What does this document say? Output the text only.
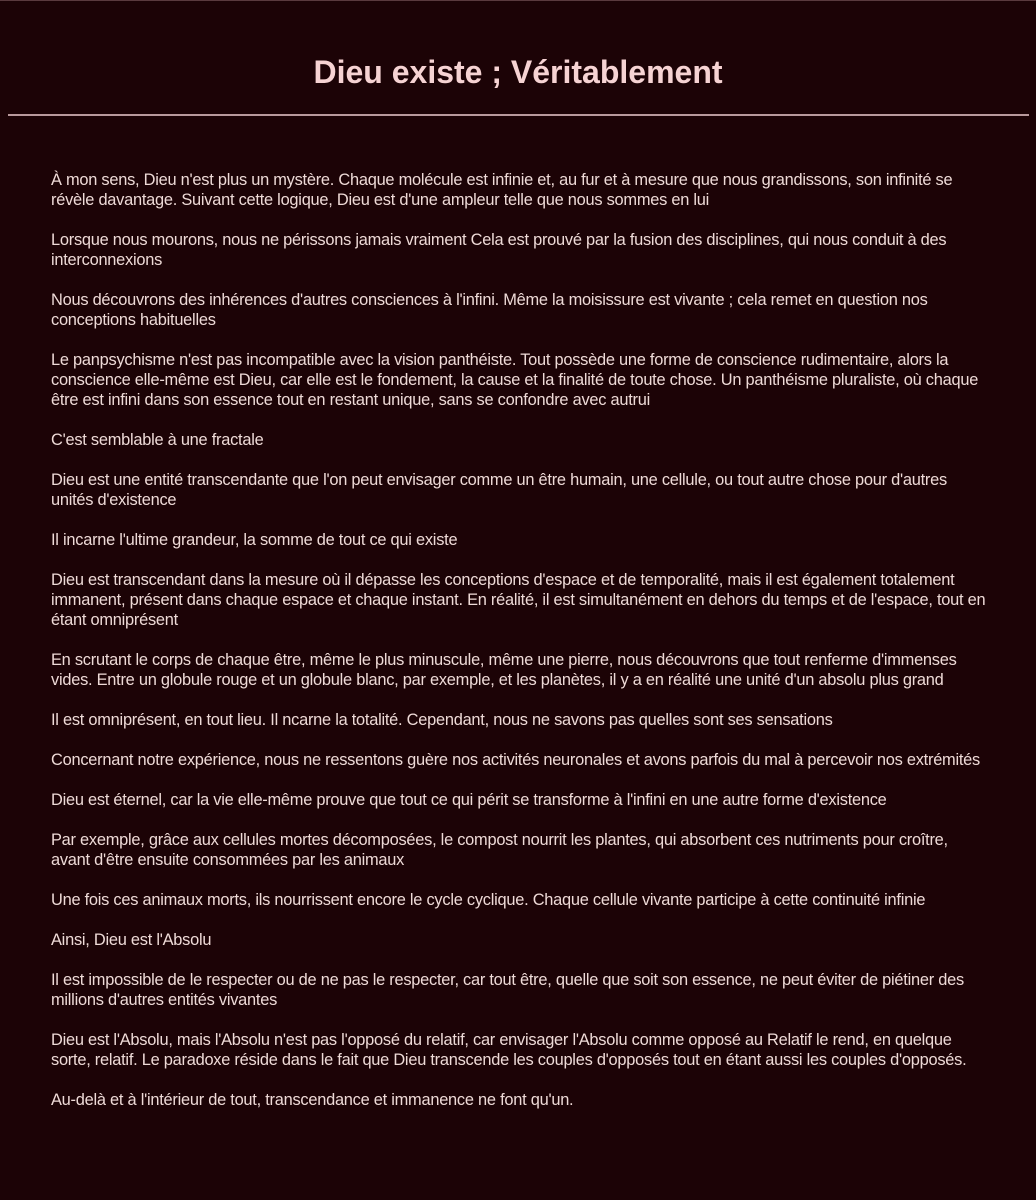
Dieu existe ; Véritablement

À mon sens, Dieu n'est plus un mystère. Chaque molécule est infinie et, au fur et à mesure que nous grandissons, son infinité se révèle davantage. Suivant cette logique, Dieu est d'une ampleur telle que nous sommes en lui

Lorsque nous mourons, nous ne périssons jamais vraiment Cela est prouvé par la fusion des disciplines, qui nous conduit à des interconnexions

Nous découvrons des inhérences d'autres consciences à l'infini. Même la moisissure est vivante ; cela remet en question nos conceptions habituelles

Le panpsychisme n'est pas incompatible avec la vision panthéiste. Tout possède une forme de conscience rudimentaire, alors la conscience elle-même est Dieu, car elle est le fondement, la cause et la finalité de toute chose. Un panthéisme pluraliste, où chaque être est infini dans son essence tout en restant unique, sans se confondre avec autrui

C'est semblable à une fractale

Dieu est une entité transcendante que l'on peut envisager comme un être humain, une cellule, ou tout autre chose pour d'autres unités d'existence

Il incarne l'ultime grandeur, la somme de tout ce qui existe

Dieu est transcendant dans la mesure où il dépasse les conceptions d'espace et de temporalité, mais il est également totalement immanent, présent dans chaque espace et chaque instant. En réalité, il est simultanément en dehors du temps et de l'espace, tout en étant omniprésent

En scrutant le corps de chaque être, même le plus minuscule, même une pierre, nous découvrons que tout renferme d'immenses vides. Entre un globule rouge et un globule blanc, par exemple, et les planètes, il y a en réalité une unité d'un absolu plus grand

Il est omniprésent, en tout lieu. Il ncarne la totalité. Cependant, nous ne savons pas quelles sont ses sensations

Concernant notre expérience, nous ne ressentons guère nos activités neuronales et avons parfois du mal à percevoir nos extrémités

Dieu est éternel, car la vie elle-même prouve que tout ce qui périt se transforme à l'infini en une autre forme d'existence

Par exemple, grâce aux cellules mortes décomposées, le compost nourrit les plantes, qui absorbent ces nutriments pour croître, avant d'être ensuite consommées par les animaux

Une fois ces animaux morts, ils nourrissent encore le cycle cyclique. Chaque cellule vivante participe à cette continuité infinie

Ainsi, Dieu est l'Absolu

Il est impossible de le respecter ou de ne pas le respecter, car tout être, quelle que soit son essence, ne peut éviter de piétiner des millions d'autres entités vivantes

Dieu est l'Absolu, mais l'Absolu n'est pas l'opposé du relatif, car envisager l'Absolu comme opposé au Relatif le rend, en quelque sorte, relatif. Le paradoxe réside dans le fait que Dieu transcende les couples d'opposés tout en étant aussi les couples d'opposés.

Au-delà et à l'intérieur de tout, transcendance et immanence ne font qu'un.
